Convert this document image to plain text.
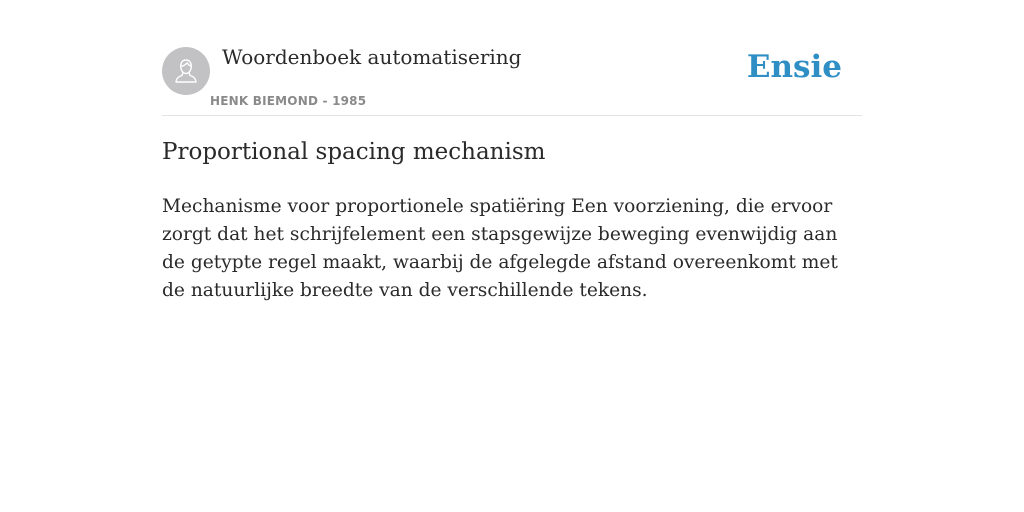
Woordenboek automatisering
HENK BIEMOND - 1985
Ensie
Proportional spacing mechanism

Mechanisme voor proportionele spatiëring Een voorziening, die ervoor zorgt dat het schrijfelement een stapsgewijze beweging evenwijdig aan de getypte regel maakt, waarbij de afgelegde afstand overeenkomt met de natuurlijke breedte van de verschillende tekens.
